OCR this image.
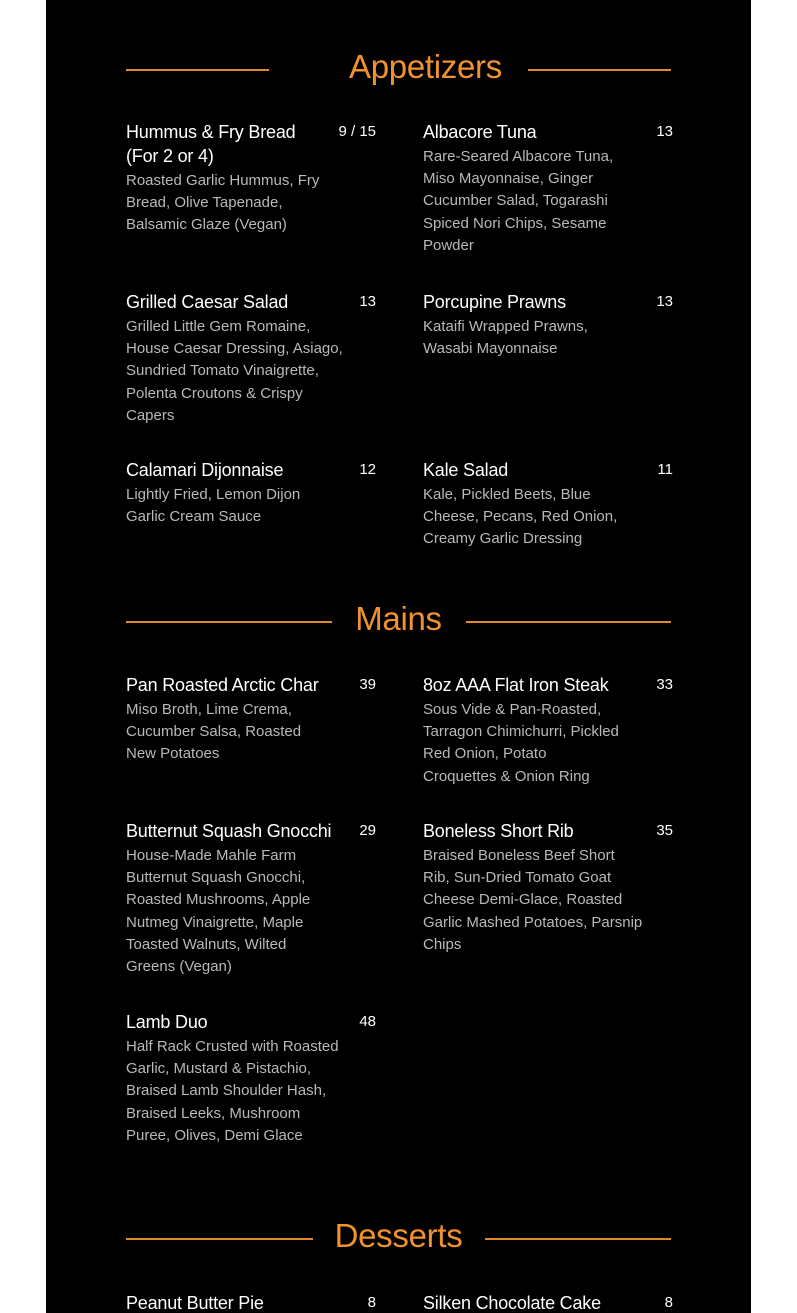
Appetizers
Hummus & Fry Bread (For 2 or 4)
9 / 15
Roasted Garlic Hummus, Fry Bread, Olive Tapenade, Balsamic Glaze (Vegan)
Albacore Tuna	13
Rare-Seared Albacore Tuna, Miso Mayonnaise, Ginger Cucumber Salad, Togarashi Spiced Nori Chips, Sesame Powder
Grilled Caesar Salad	13
Grilled Little Gem Romaine, House Caesar Dressing, Asiago, Sundried Tomato Vinaigrette, Polenta Croutons & Crispy Capers
Porcupine Prawns	13
Kataifi Wrapped Prawns, Wasabi Mayonnaise
Calamari Dijonnaise	12
Lightly Fried, Lemon Dijon Garlic Cream Sauce
Kale Salad	11
Kale, Pickled Beets, Blue Cheese, Pecans, Red Onion, Creamy Garlic Dressing
Mains
Pan Roasted Arctic Char	39
Miso Broth, Lime Crema, Cucumber Salsa, Roasted New Potatoes
8oz AAA Flat Iron Steak	33
Sous Vide & Pan-Roasted, Tarragon Chimichurri, Pickled Red Onion, Potato Croquettes & Onion Ring
Butternut Squash Gnocchi	29
House-Made Mahle Farm Butternut Squash Gnocchi, Roasted Mushrooms, Apple Nutmeg Vinaigrette, Maple Toasted Walnuts, Wilted Greens (Vegan)
Boneless Short Rib	35
Braised Boneless Beef Short Rib, Sun-Dried Tomato Goat Cheese Demi-Glace, Roasted Garlic Mashed Potatoes, Parsnip Chips
Lamb Duo	48
Half Rack Crusted with Roasted Garlic, Mustard & Pistachio, Braised Lamb Shoulder Hash, Braised Leeks, Mushroom Puree, Olives, Demi Glace
Desserts
Peanut Butter Pie	8	Silken Chocolate Cake	8
